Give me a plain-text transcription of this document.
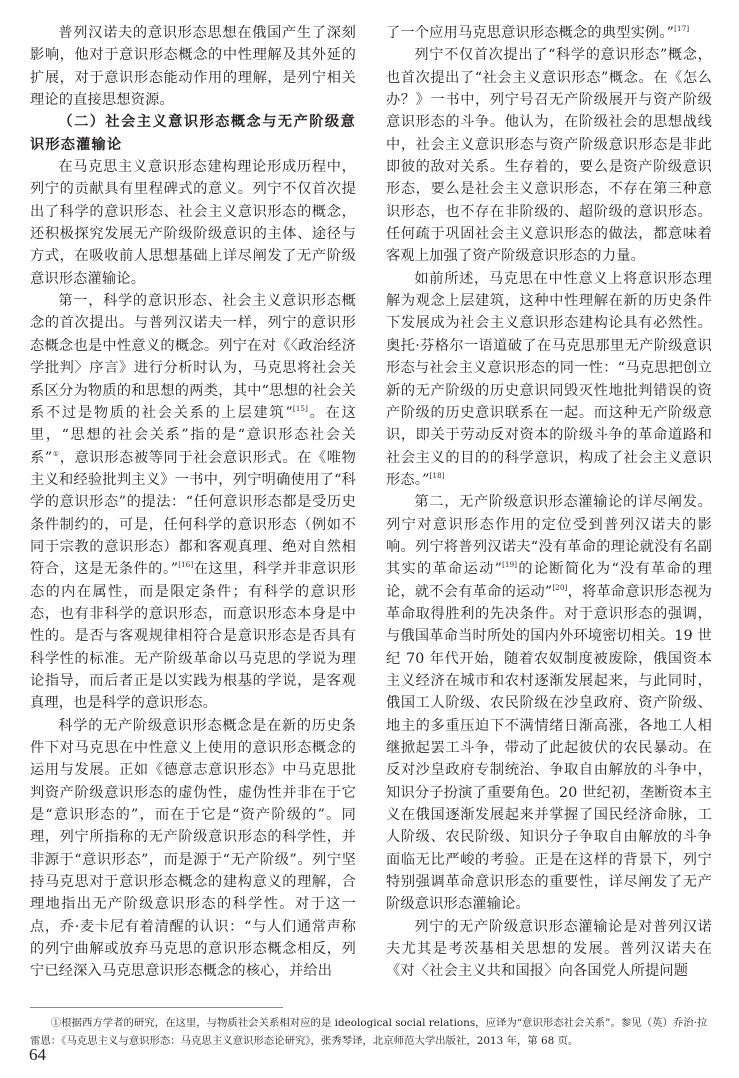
普列汉诺夫的意识形态思想在俄国产生了深刻影响，他对于意识形态概念的中性理解及其外延的扩展，对于意识形态能动作用的理解，是列宁相关理论的直接思想资源。

（二）社会主义意识形态概念与无产阶级意识形态灌输论

在马克思主义意识形态建构理论形成历程中，列宁的贡献具有里程碑式的意义。列宁不仅首次提出了科学的意识形态、社会主义意识形态的概念，还积极探究发展无产阶级阶级意识的主体、途径与方式，在吸收前人思想基础上详尽阐发了无产阶级意识形态灌输论。

第一，科学的意识形态、社会主义意识形态概念的首次提出。与普列汉诺夫一样，列宁的意识形态概念也是中性意义的概念。列宁在对《〈政治经济学批判〉序言》进行分析时认为，马克思将社会关系区分为物质的和思想的两类，其中“思想的社会关系不过是物质的社会关系的上层建筑”[15]。在这里，“思想的社会关系”指的是“意识形态社会关系”①，意识形态被等同于社会意识形式。在《唯物主义和经验批判主义》一书中，列宁明确使用了“科学的意识形态”的提法：“任何意识形态都是受历史条件制约的，可是，任何科学的意识形态（例如不同于宗教的意识形态）都和客观真理、绝对自然相符合，这是无条件的。”[16]在这里，科学并非意识形态的内在属性，而是限定条件；有科学的意识形态，也有非科学的意识形态，而意识形态本身是中性的。是否与客观规律相符合是意识形态是否具有科学性的标准。无产阶级革命以马克思的学说为理论指导，而后者正是以实践为根基的学说，是客观真理，也是科学的意识形态。

科学的无产阶级意识形态概念是在新的历史条件下对马克思在中性意义上使用的意识形态概念的运用与发展。正如《德意志意识形态》中马克思批判资产阶级意识形态的虚伪性，虚伪性并非在于它是“意识形态的”，而在于它是“资产阶级的”。同理，列宁所指称的无产阶级意识形态的科学性，并非源于“意识形态”，而是源于“无产阶级”。列宁坚持马克思对于意识形态概念的建构意义的理解，合理地指出无产阶级意识形态的科学性。对于这一点，乔·麦卡尼有着清醒的认识：“与人们通常声称的列宁曲解或放弃马克思的意识形态概念相反，列宁已经深入马克思意识形态概念的核心，并给出

了一个应用马克思意识形态概念的典型实例。”[17]

列宁不仅首次提出了“科学的意识形态”概念，也首次提出了“社会主义意识形态”概念。在《怎么办？》一书中，列宁号召无产阶级展开与资产阶级意识形态的斗争。他认为，在阶级社会的思想战线中，社会主义意识形态与资产阶级意识形态是非此即彼的敌对关系。生存着的，要么是资产阶级意识形态，要么是社会主义意识形态，不存在第三种意识形态，也不存在非阶级的、超阶级的意识形态。任何疏于巩固社会主义意识形态的做法，都意味着客观上加强了资产阶级意识形态的力量。

如前所述，马克思在中性意义上将意识形态理解为观念上层建筑，这种中性理解在新的历史条件下发展成为社会主义意识形态建构论具有必然性。奥托·芬格尔一语道破了在马克思那里无产阶级意识形态与社会主义意识形态的同一性：“马克思把创立新的无产阶级的历史意识同毁灭性地批判错误的资产阶级的历史意识联系在一起。而这种无产阶级意识，即关于劳动反对资本的阶级斗争的革命道路和社会主义的目的的科学意识，构成了社会主义意识形态。”[18]

第二，无产阶级意识形态灌输论的详尽阐发。列宁对意识形态作用的定位受到普列汉诺夫的影响。列宁将普列汉诺夫“没有革命的理论就没有名副其实的革命运动”[19]的论断简化为“没有革命的理论，就不会有革命的运动”[20]，将革命意识形态视为革命取得胜利的先决条件。对于意识形态的强调，与俄国革命当时所处的国内外环境密切相关。19 世纪 70 年代开始，随着农奴制度被废除，俄国资本主义经济在城市和农村逐渐发展起来，与此同时，俄国工人阶级、农民阶级在沙皇政府、资产阶级、地主的多重压迫下不满情绪日渐高涨，各地工人相继掀起罢工斗争，带动了此起彼伏的农民暴动。在反对沙皇政府专制统治、争取自由解放的斗争中，知识分子扮演了重要角色。20 世纪初，垄断资本主义在俄国逐渐发展起来并掌握了国民经济命脉，工人阶级、农民阶级、知识分子争取自由解放的斗争面临无比严峻的考验。正是在这样的背景下，列宁特别强调革命意识形态的重要性，详尽阐发了无产阶级意识形态灌输论。

列宁的无产阶级意识形态灌输论是对普列汉诺夫尤其是考茨基相关思想的发展。普列汉诺夫在《对〈社会主义共和国报〉向各国党人所提问题

①根据西方学者的研究，在这里，与物质社会关系相对应的是 ideological social relations，应译为“意识形态社会关系”。参见（英）乔治·拉

雷恩：《马克思主义与意识形态：马克思主义意识形态论研究》，张秀琴译，北京师范大学出版社，2013 年，第 68 页。

64
